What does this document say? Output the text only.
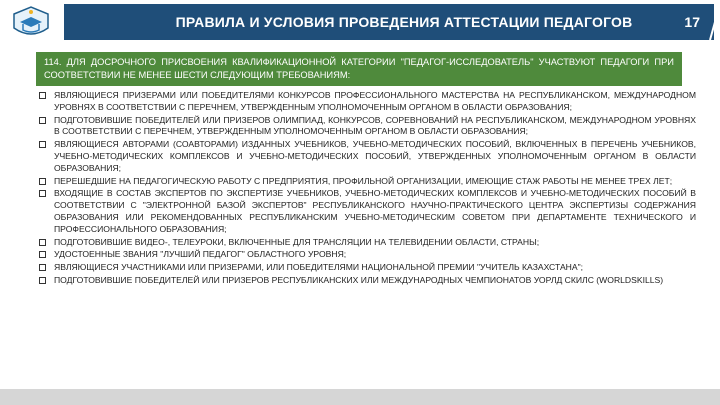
ПРАВИЛА И УСЛОВИЯ ПРОВЕДЕНИЯ АТТЕСТАЦИИ ПЕДАГОГОВ	17
114. ДЛЯ ДОСРОЧНОГО ПРИСВОЕНИЯ КВАЛИФИКАЦИОННОЙ КАТЕГОРИИ "ПЕДАГОГ-ИССЛЕДОВАТЕЛЬ" УЧАСТВУЮТ ПЕДАГОГИ ПРИ СООТВЕТСТВИИ НЕ МЕНЕЕ ШЕСТИ СЛЕДУЮЩИМ ТРЕБОВАНИЯМ:
ЯВЛЯЮЩИЕСЯ ПРИЗЕРАМИ ИЛИ ПОБЕДИТЕЛЯМИ КОНКУРСОВ ПРОФЕССИОНАЛЬНОГО МАСТЕРСТВА НА РЕСПУБЛИКАНСКОМ, МЕЖДУНАРОДНОМ УРОВНЯХ В СООТВЕТСТВИИ С ПЕРЕЧНЕМ, УТВЕРЖДЕННЫМ УПОЛНОМОЧЕННЫМ ОРГАНОМ В ОБЛАСТИ ОБРАЗОВАНИЯ;
ПОДГОТОВИВШИЕ ПОБЕДИТЕЛЕЙ ИЛИ ПРИЗЕРОВ ОЛИМПИАД, КОНКУРСОВ, СОРЕВНОВАНИЙ НА РЕСПУБЛИКАНСКОМ, МЕЖДУНАРОДНОМ УРОВНЯХ В СООТВЕТСТВИИ С ПЕРЕЧНЕМ, УТВЕРЖДЕННЫМ УПОЛНОМОЧЕННЫМ ОРГАНОМ В ОБЛАСТИ ОБРАЗОВАНИЯ;
ЯВЛЯЮЩИЕСЯ АВТОРАМИ (СОАВТОРАМИ) ИЗДАННЫХ УЧЕБНИКОВ, УЧЕБНО-МЕТОДИЧЕСКИХ ПОСОБИЙ, ВКЛЮЧЕННЫХ В ПЕРЕЧЕНЬ УЧЕБНИКОВ, УЧЕБНО-МЕТОДИЧЕСКИХ КОМПЛЕКСОВ И УЧЕБНО-МЕТОДИЧЕСКИХ ПОСОБИЙ, УТВЕРЖДЕННЫХ УПОЛНОМОЧЕННЫМ ОРГАНОМ В ОБЛАСТИ ОБРАЗОВАНИЯ;
ПЕРЕШЕДШИЕ НА ПЕДАГОГИЧЕСКУЮ РАБОТУ С ПРЕДПРИЯТИЯ, ПРОФИЛЬНОЙ ОРГАНИЗАЦИИ, ИМЕЮЩИЕ СТАЖ РАБОТЫ НЕ МЕНЕЕ ТРЕХ ЛЕТ;
ВХОДЯЩИЕ В СОСТАВ ЭКСПЕРТОВ ПО ЭКСПЕРТИЗЕ УЧЕБНИКОВ, УЧЕБНО-МЕТОДИЧЕСКИХ КОМПЛЕКСОВ И УЧЕБНО-МЕТОДИЧЕСКИХ ПОСОБИЙ В СООТВЕТСТВИИ С "ЭЛЕКТРОННОЙ БАЗОЙ ЭКСПЕРТОВ" РЕСПУБЛИКАНСКОГО НАУЧНО-ПРАКТИЧЕСКОГО ЦЕНТРА ЭКСПЕРТИЗЫ СОДЕРЖАНИЯ ОБРАЗОВАНИЯ ИЛИ РЕКОМЕНДОВАННЫХ РЕСПУБЛИКАНСКИМ УЧЕБНО-МЕТОДИЧЕСКИМ СОВЕТОМ ПРИ ДЕПАРТАМЕНТЕ ТЕХНИЧЕСКОГО И ПРОФЕССИОНАЛЬНОГО ОБРАЗОВАНИЯ;
ПОДГОТОВИВШИЕ ВИДЕО-, ТЕЛЕУРОКИ, ВКЛЮЧЕННЫЕ ДЛЯ ТРАНСЛЯЦИИ НА ТЕЛЕВИДЕНИИ ОБЛАСТИ, СТРАНЫ;
УДОСТОЕННЫЕ ЗВАНИЯ "ЛУЧШИЙ ПЕДАГОГ" ОБЛАСТНОГО УРОВНЯ;
ЯВЛЯЮЩИЕСЯ УЧАСТНИКАМИ ИЛИ ПРИЗЕРАМИ, ИЛИ ПОБЕДИТЕЛЯМИ НАЦИОНАЛЬНОЙ ПРЕМИИ "УЧИТЕЛЬ КАЗАХСТАНА";
ПОДГОТОВИВШИЕ ПОБЕДИТЕЛЕЙ ИЛИ ПРИЗЕРОВ РЕСПУБЛИКАНСКИХ ИЛИ МЕЖДУНАРОДНЫХ ЧЕМПИОНАТОВ УОРЛД СКИЛС (WORLDSKILLS)
